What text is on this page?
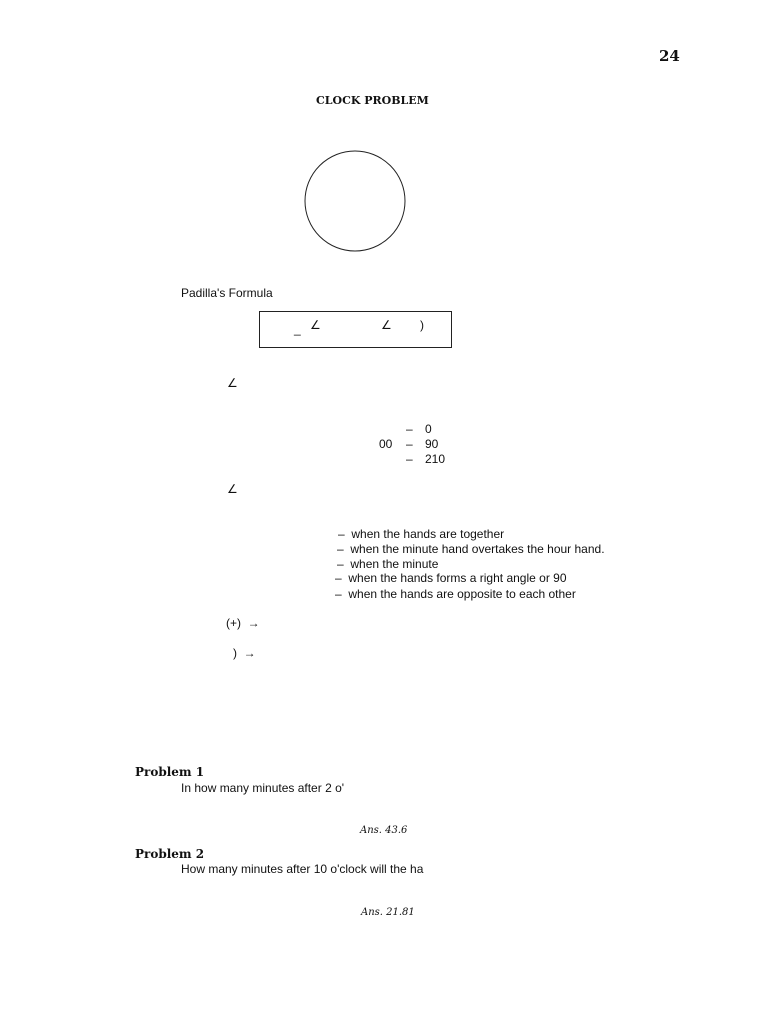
24
CLOCK PROBLEM
Padilla's Formula
_ ∠	∠ )
∠
– 0
00 – 90
– 210
∠
– when the hands are together
– when the minute hand overtakes the hour hand.
– when the minute
– when the hands forms a right angle or 90
– when the hands are opposite to each other
(+) →
) →
Problem 1
In how many minutes after 2 o'
Ans. 43.6
Problem 2
How many minutes after 10 o'clock will the ha
Ans. 21.81
